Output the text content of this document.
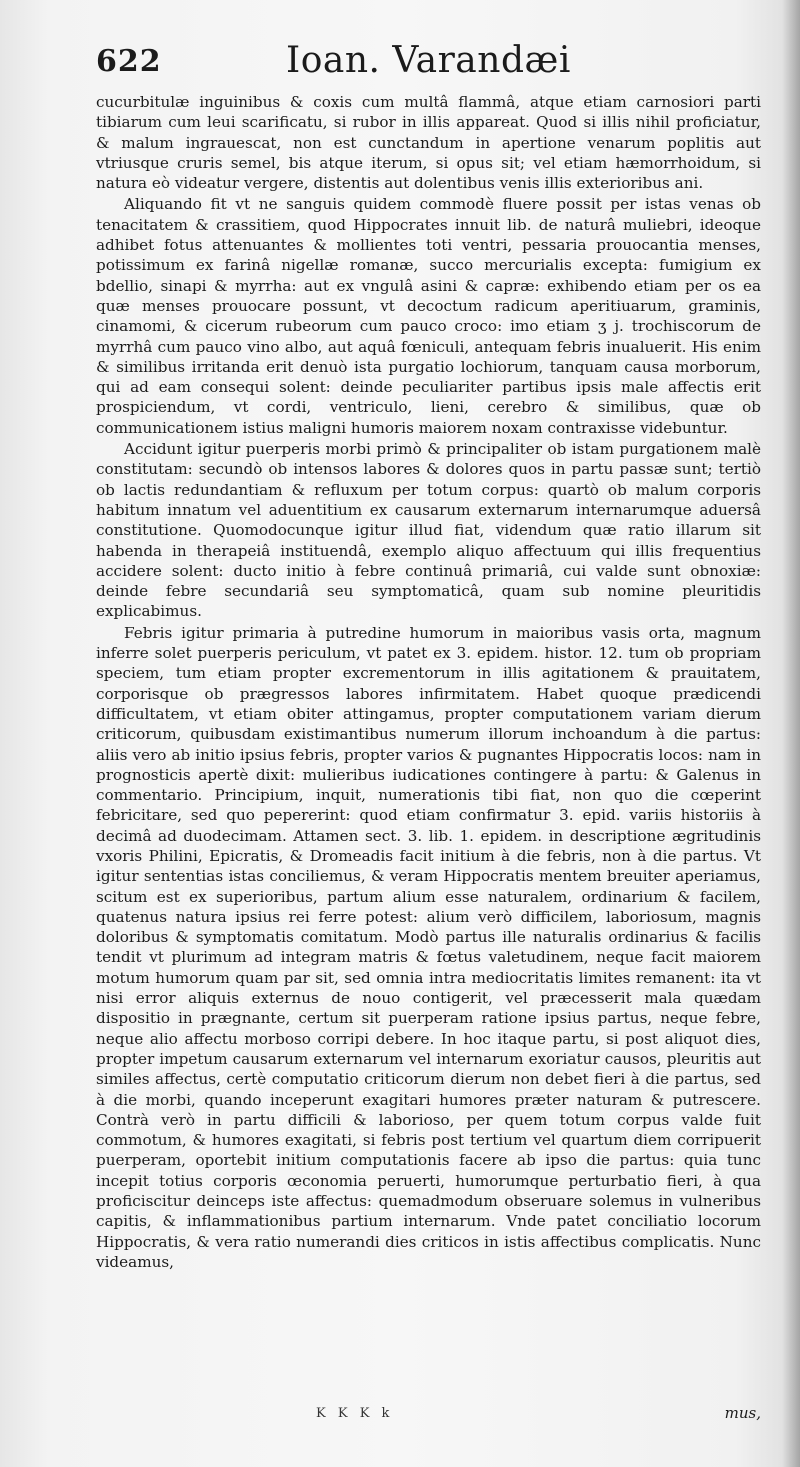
622	Ioan. Varandæi

cucurbitulæ inguinibus & coxis cum multâ flammâ, atque etiam carnosiori parti tibiarum cum leui scarificatu, si rubor in illis appareat. Quod si illis nihil proficiatur, & malum ingrauescat, non est cunctandum in apertione venarum poplitis aut vtriusque cruris semel, bis atque iterum, si opus sit; vel etiam hæmorrhoidum, si natura eò videatur vergere, distentis aut dolentibus venis illis exterioribus ani.

Aliquando fit vt ne sanguis quidem commodè fluere possit per istas venas ob tenacitatem & crassitiem, quod Hippocrates innuit lib. de naturâ muliebri, ideoque adhibet fotus attenuantes & mollientes toti ventri, pessaria prouocantia menses, potissimum ex farinâ nigellæ romanæ, succo mercurialis excepta: fumigium ex bdellio, sinapi & myrrha: aut ex vngulâ asini & capræ: exhibendo etiam per os ea quæ menses prouocare possunt, vt decoctum radicum aperitiuarum, graminis, cinamomi, & cicerum rubeorum cum pauco croco: imo etiam ʒ j. trochiscorum de myrrhâ cum pauco vino albo, aut aquâ fœniculi, antequam febris inualuerit. His enim & similibus irritanda erit denuò ista purgatio lochiorum, tanquam causa morborum, qui ad eam consequi solent: deinde peculiariter partibus ipsis male affectis erit prospiciendum, vt cordi, ventriculo, lieni, cerebro & similibus, quæ ob communicationem istius maligni humoris maiorem noxam contraxisse videbuntur.

Accidunt igitur puerperis morbi primò & principaliter ob istam purgationem malè constitutam: secundò ob intensos labores & dolores quos in partu passæ sunt; tertiò ob lactis redundantiam & refluxum per totum corpus: quartò ob malum corporis habitum innatum vel aduentitium ex causarum externarum internarumque aduersâ constitutione. Quomodocunque igitur illud fiat, videndum quæ ratio illarum sit habenda in therapeiâ instituendâ, exemplo aliquo affectuum qui illis frequentius accidere solent: ducto initio à febre continuâ primariâ, cui valde sunt obnoxiæ: deinde febre secundariâ seu symptomaticâ, quam sub nomine pleuritidis explicabimus.

Febris igitur primaria à putredine humorum in maioribus vasis orta, magnum inferre solet puerperis periculum, vt patet ex 3. epidem. histor. 12. tum ob propriam speciem, tum etiam propter excrementorum in illis agitationem & prauitatem, corporisque ob prægressos labores infirmitatem. Habet quoque prædicendi difficultatem, vt etiam obiter attingamus, propter computationem variam dierum criticorum, quibusdam existimantibus numerum illorum inchoandum à die partus: aliis vero ab initio ipsius febris, propter varios & pugnantes Hippocratis locos: nam in prognosticis apertè dixit: mulieribus iudicationes contingere à partu: & Galenus in commentario. Principium, inquit, numerationis tibi fiat, non quo die cœperint febricitare, sed quo pepererint: quod etiam confirmatur 3. epid. variis historiis à decimâ ad duodecimam. Attamen sect. 3. lib. 1. epidem. in descriptione ægritudinis vxoris Philini, Epicratis, & Dromeadis facit initium à die febris, non à die partus. Vt igitur sententias istas conciliemus, & veram Hippocratis mentem breuiter aperiamus, scitum est ex superioribus, partum alium esse naturalem, ordinarium & facilem, quatenus natura ipsius rei ferre potest: alium verò difficilem, laboriosum, magnis doloribus & symptomatis comitatum. Modò partus ille naturalis ordinarius & facilis tendit vt plurimum ad integram matris & fœtus valetudinem, neque facit maiorem motum humorum quam par sit, sed omnia intra mediocritatis limites remanent: ita vt nisi error aliquis externus de nouo contigerit, vel præcesserit mala quædam dispositio in prægnante, certum sit puerperam ratione ipsius partus, neque febre, neque alio affectu morboso corripi debere. In hoc itaque partu, si post aliquot dies, propter impetum causarum externarum vel internarum exoriatur causos, pleuritis aut similes affectus, certè computatio criticorum dierum non debet fieri à die partus, sed à die morbi, quando inceperunt exagitari humores præter naturam & putrescere. Contrà verò in partu difficili & laborioso, per quem totum corpus valde fuit commotum, & humores exagitati, si febris post tertium vel quartum diem corripuerit puerperam, oportebit initium computationis facere ab ipso die partus: quia tunc incepit totius corporis œconomia peruerti, humorumque perturbatio fieri, à qua proficiscitur deinceps iste affectus: quemadmodum obseruare solemus in vulneribus capitis, & inflammationibus partium internarum. Vnde patet conciliatio locorum Hippocratis, & vera ratio numerandi dies criticos in istis affectibus complicatis. Nunc videamus,

K K K k	mus,
